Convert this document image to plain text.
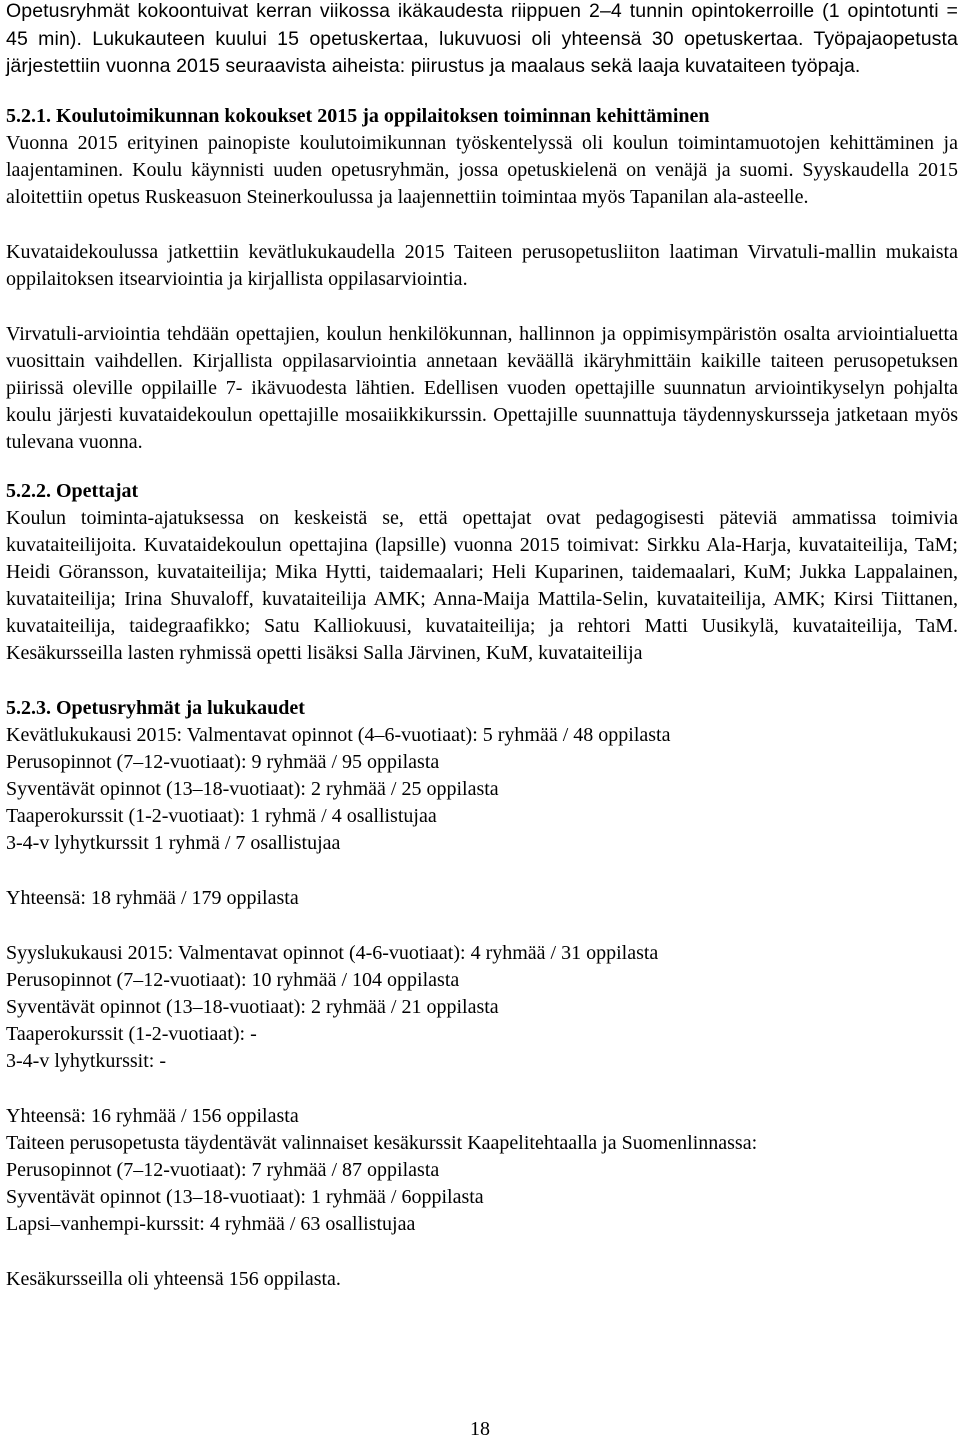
Opetusryhmät kokoontuivat kerran viikossa ikäkaudesta riippuen 2–4 tunnin opintokerroille (1 opintotunti = 45 min). Lukukauteen kuului 15 opetuskertaa, lukuvuosi oli yhteensä 30 opetuskertaa. Työpajaopetusta järjestettiin vuonna 2015 seuraavista aiheista: piirustus ja maalaus sekä laaja kuvataiteen työpaja.

5.2.1. Koulutoimikunnan kokoukset 2015 ja oppilaitoksen toiminnan kehittäminen
Vuonna 2015 erityinen painopiste koulutoimikunnan työskentelyssä oli koulun toimintamuotojen kehittäminen ja laajentaminen. Koulu käynnisti uuden opetusryhmän, jossa opetuskielenä on venäjä ja suomi. Syyskaudella 2015 aloitettiin opetus Ruskeasuon Steinerkoulussa ja laajennettiin toimintaa myös Tapanilan ala-asteelle.

Kuvataidekoulussa jatkettiin kevätlukukaudella 2015 Taiteen perusopetusliiton laatiman Virvatuli-mallin mukaista oppilaitoksen itsearviointia ja kirjallista oppilasarviointia.

Virvatuli-arviointia tehdään opettajien, koulun henkilökunnan, hallinnon ja oppimisympäristön osalta arviointialuetta vuosittain vaihdellen. Kirjallista oppilasarviointia annetaan keväällä ikäryhmittäin kaikille taiteen perusopetuksen piirissä oleville oppilaille 7- ikävuodesta lähtien. Edellisen vuoden opettajille suunnatun arviointikyselyn pohjalta koulu järjesti kuvataidekoulun opettajille mosaiikkikurssin. Opettajille suunnattuja täydennyskursseja jatketaan myös tulevana vuonna.

5.2.2. Opettajat
Koulun toiminta-ajatuksessa on keskeistä se, että opettajat ovat pedagogisesti päteviä ammatissa toimivia kuvataiteilijoita. Kuvataidekoulun opettajina (lapsille) vuonna 2015 toimivat: Sirkku Ala-Harja, kuvataiteilija, TaM; Heidi Göransson, kuvataiteilija; Mika Hytti, taidemaalari; Heli Kuparinen, taidemaalari, KuM; Jukka Lappalainen, kuvataiteilija; Irina Shuvaloff, kuvataiteilija AMK; Anna-Maija Mattila-Selin, kuvataiteilija, AMK; Kirsi Tiittanen, kuvataiteilija, taidegraafikko; Satu Kalliokuusi, kuvataiteilija; ja rehtori Matti Uusikylä, kuvataiteilija, TaM. Kesäkursseilla lasten ryhmissä opetti lisäksi Salla Järvinen, KuM, kuvataiteilija

5.2.3. Opetusryhmät ja lukukaudet

Kevätlukukausi 2015: Valmentavat opinnot (4–6-vuotiaat): 5 ryhmää / 48 oppilasta

Perusopinnot (7–12-vuotiaat): 9 ryhmää / 95 oppilasta

Syventävät opinnot (13–18-vuotiaat): 2 ryhmää / 25 oppilasta

Taaperokurssit (1-2-vuotiaat): 1 ryhmä / 4 osallistujaa

3-4-v lyhytkurssit 1 ryhmä / 7 osallistujaa

Yhteensä: 18 ryhmää / 179 oppilasta

Syyslukukausi 2015: Valmentavat opinnot (4-6-vuotiaat): 4 ryhmää / 31 oppilasta

Perusopinnot (7–12-vuotiaat): 10 ryhmää / 104 oppilasta

Syventävät opinnot (13–18-vuotiaat): 2 ryhmää / 21 oppilasta

Taaperokurssit (1-2-vuotiaat): -

3-4-v lyhytkurssit: -

Yhteensä: 16 ryhmää / 156 oppilasta

Taiteen perusopetusta täydentävät valinnaiset kesäkurssit Kaapelitehtaalla ja Suomenlinnassa:

Perusopinnot (7–12-vuotiaat): 7 ryhmää / 87 oppilasta

Syventävät opinnot (13–18-vuotiaat): 1 ryhmää / 6oppilasta

Lapsi–vanhempi-kurssit: 4 ryhmää / 63 osallistujaa

Kesäkursseilla oli yhteensä 156 oppilasta.

18
